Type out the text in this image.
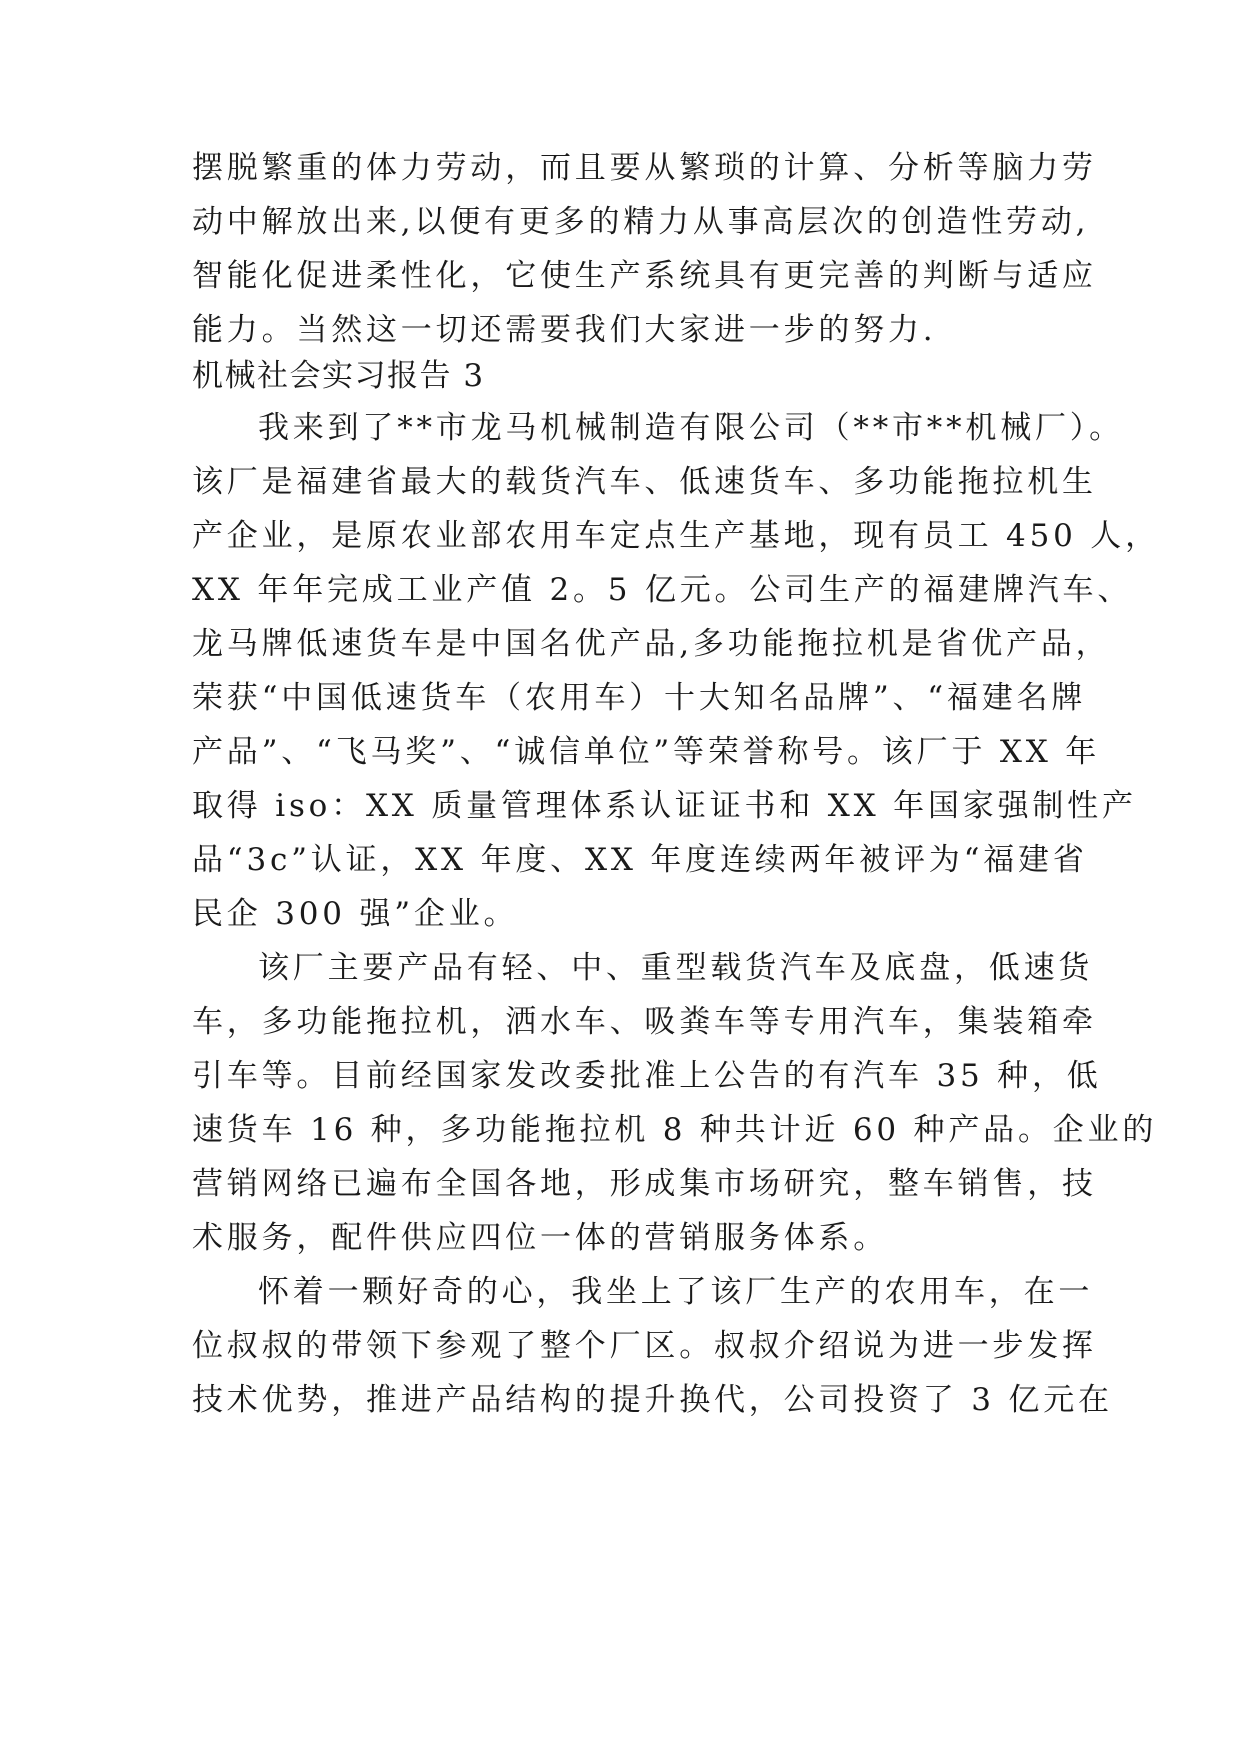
摆脱繁重的体力劳动，而且要从繁琐的计算、分析等脑力劳
动中解放出来,以便有更多的精力从事高层次的创造性劳动,
智能化促进柔性化，它使生产系统具有更完善的判断与适应
能力。当然这一切还需要我们大家进一步的努力.
机械社会实习报告 3
我来到了**市龙马机械制造有限公司（**市**机械厂）。
该厂是福建省最大的载货汽车、低速货车、多功能拖拉机生
产企业，是原农业部农用车定点生产基地，现有员工 450 人，
XX 年年完成工业产值 2。5 亿元。公司生产的福建牌汽车、
龙马牌低速货车是中国名优产品,多功能拖拉机是省优产品，
荣获“中国低速货车（农用车）十大知名品牌”、“福建名牌
产品”、“飞马奖”、“诚信单位”等荣誉称号。该厂于 XX 年
取得 iso：XX 质量管理体系认证证书和 XX 年国家强制性产
品“3c”认证，XX 年度、XX 年度连续两年被评为“福建省
民企 300 强”企业。
该厂主要产品有轻、中、重型载货汽车及底盘，低速货
车，多功能拖拉机，洒水车、吸粪车等专用汽车，集装箱牵
引车等。目前经国家发改委批准上公告的有汽车 35 种，低
速货车 16 种，多功能拖拉机 8 种共计近 60 种产品。企业的
营销网络已遍布全国各地，形成集市场研究，整车销售，技
术服务，配件供应四位一体的营销服务体系。
怀着一颗好奇的心，我坐上了该厂生产的农用车，在一
位叔叔的带领下参观了整个厂区。叔叔介绍说为进一步发挥
技术优势，推进产品结构的提升换代，公司投资了 3 亿元在
